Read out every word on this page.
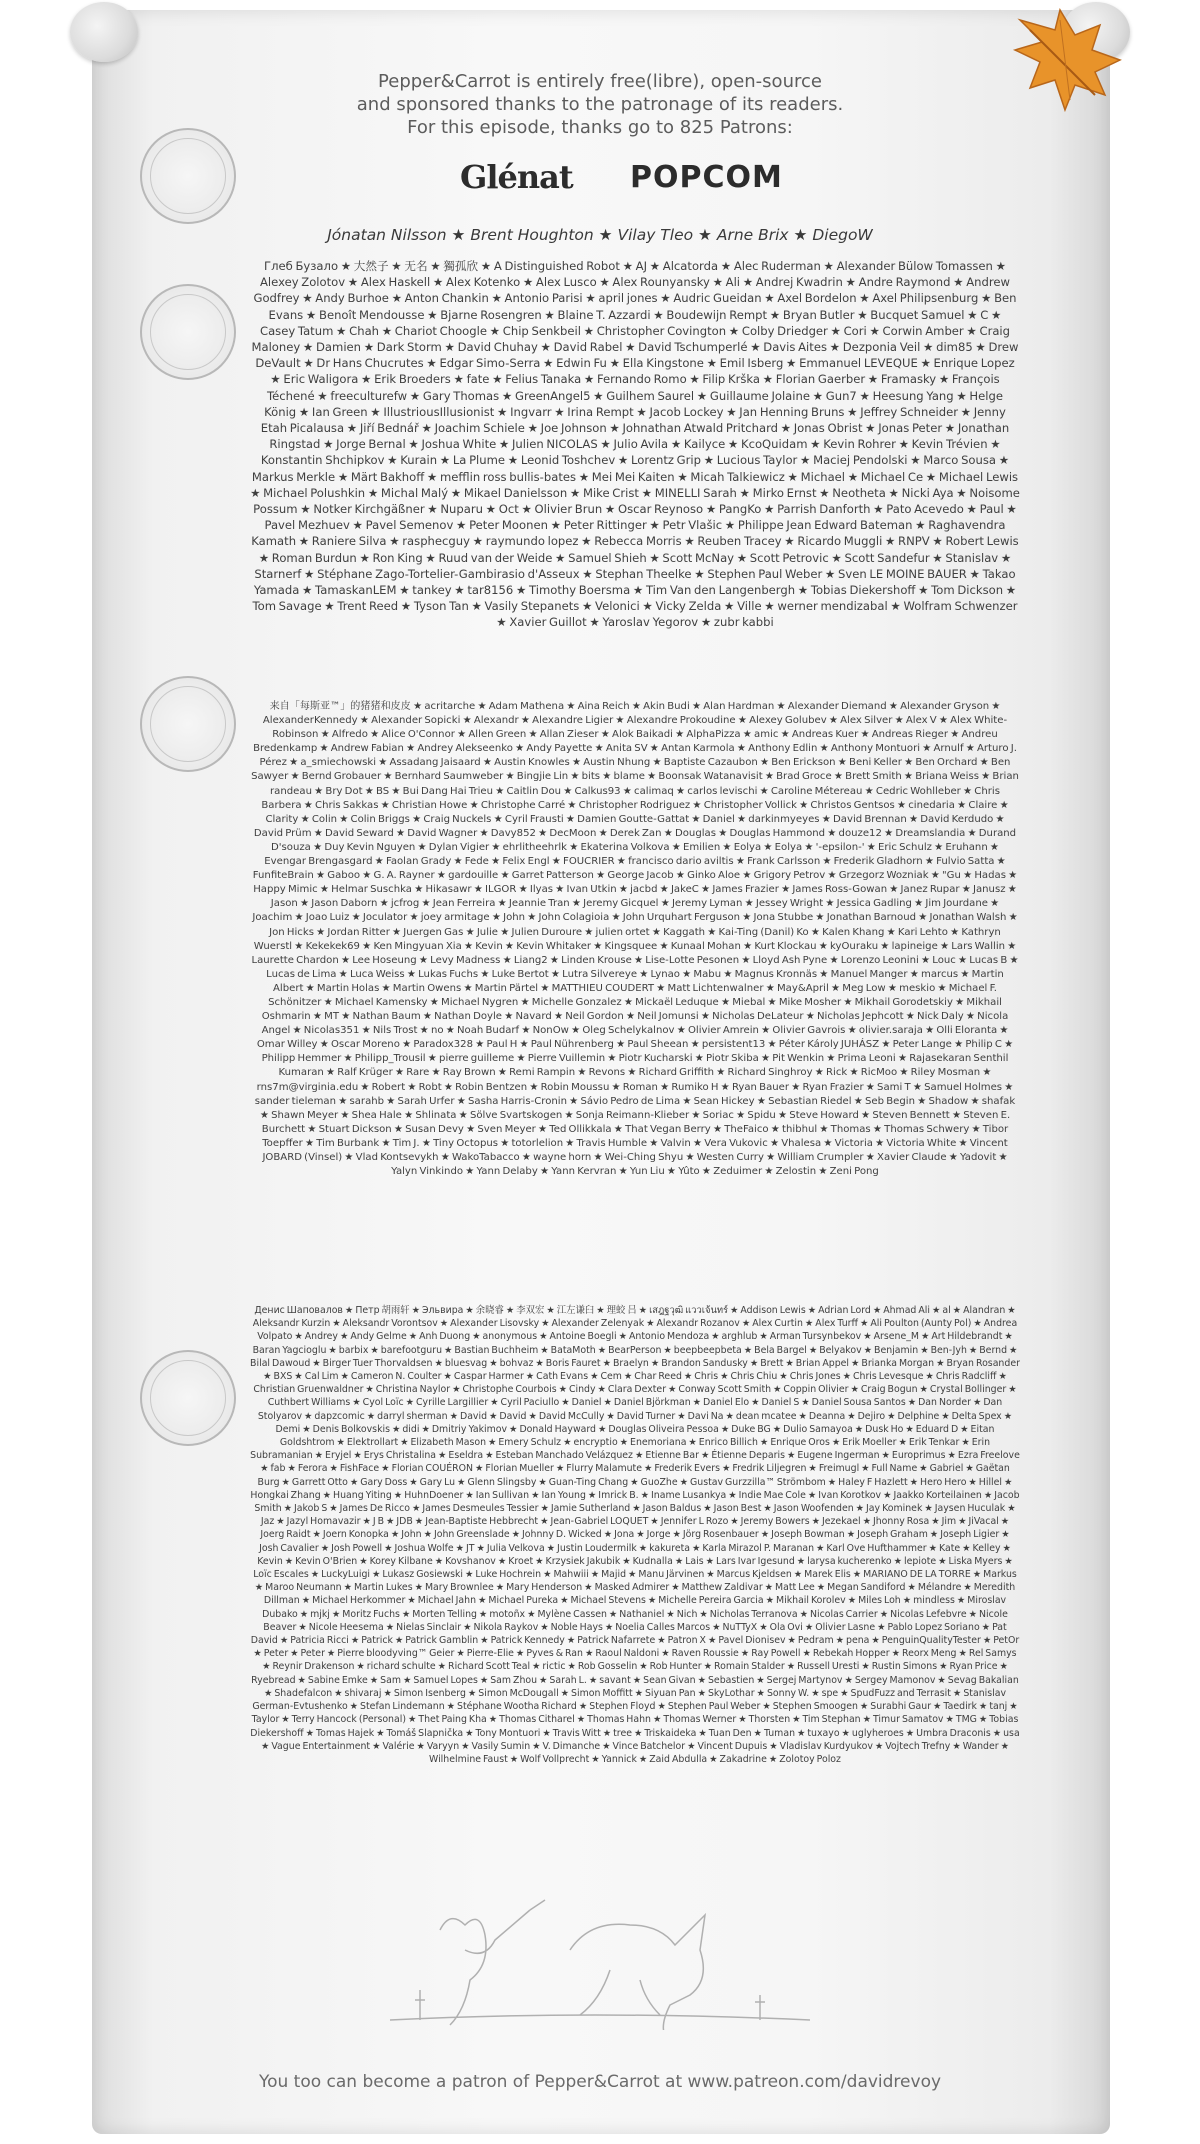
Pepper&Carrot is entirely free(libre), open-source
and sponsored thanks to the patronage of its readers.
For this episode, thanks go to 825 Patrons:
Glénat POPCOM
Jónatan Nilsson ★ Brent Houghton ★ Vilay Tleo ★ Arne Brix ★ DiegoW
Глеб Бузало ★ 大然子 ★ 无名 ★ 獨孤欣 ★ A Distinguished Robot ★ AJ ★ Alcatorda ★ Alec Ruderman ★ Alexander Bülow Tomassen ★ Alexey Zolotov ★ Alex Haskell ★ Alex Kotenko ★ Alex Lusco ★ Alex Rounyansky ★ Ali ★ Andrej Kwadrin ★ Andre Raymond ★ Andrew Godfrey ★ Andy Burhoe ★ Anton Chankin ★ Antonio Parisi ★ april jones ★ Audric Gueidan ★ Axel Bordelon ★ Axel Philipsenburg ★ Ben Evans ★ Benoît Mendousse ★ Bjarne Rosengren ★ Blaine T. Azzardi ★ Boudewijn Rempt ★ Bryan Butler ★ Bucquet Samuel ★ C ★ Casey Tatum ★ Chah ★ Chariot Choogle ★ Chip Senkbeil ★ Christopher Covington ★ Colby Driedger ★ Cori ★ Corwin Amber ★ Craig Maloney ★ Damien ★ Dark Storm ★ David Chuhay ★ David Rabel ★ David Tschumperlé ★ Davis Aites ★ Dezponia Veil ★ dim85 ★ Drew DeVault ★ Dr Hans Chucrutes ★ Edgar Simo-Serra ★ Edwin Fu ★ Ella Kingstone ★ Emil Isberg ★ Emmanuel LEVEQUE ★ Enrique Lopez ★ Eric Waligora ★ Erik Broeders ★ fate ★ Felius Tanaka ★ Fernando Romo ★ Filip Krška ★ Florian Gaerber ★ Framasky ★ François Téchené ★ freeculturefw ★ Gary Thomas ★ GreenAngel5 ★ Guilhem Saurel ★ Guillaume Jolaine ★ Gun7 ★ Heesung Yang ★ Helge König ★ Ian Green ★ IllustriousIllusionist ★ Ingvarr ★ Irina Rempt ★ Jacob Lockey ★ Jan Henning Bruns ★ Jeffrey Schneider ★ Jenny Etah Picalausa ★ Jiří Bednář ★ Joachim Schiele ★ Joe Johnson ★ Johnathan Atwald Pritchard ★ Jonas Obrist ★ Jonas Peter ★ Jonathan Ringstad ★ Jorge Bernal ★ Joshua White ★ Julien NICOLAS ★ Julio Avila ★ Kailyce ★ KcoQuidam ★ Kevin Rohrer ★ Kevin Trévien ★ Konstantin Shchipkov ★ Kurain ★ La Plume ★ Leonid Toshchev ★ Lorentz Grip ★ Lucious Taylor ★ Maciej Pendolski ★ Marco Sousa ★ Markus Merkle ★ Märt Bakhoff ★ mefflin ross bullis-bates ★ Mei Mei Kaiten ★ Micah Talkiewicz ★ Michael ★ Michael Ce ★ Michael Lewis ★ Michael Polushkin ★ Michal Malý ★ Mikael Danielsson ★ Mike Crist ★ MINELLI Sarah ★ Mirko Ernst ★ Neotheta ★ Nicki Aya ★ Noisome Possum ★ Notker Kirchgäßner ★ Nuparu ★ Oct ★ Olivier Brun ★ Oscar Reynoso ★ PangKo ★ Parrish Danforth ★ Pato Acevedo ★ Paul ★ Pavel Mezhuev ★ Pavel Semenov ★ Peter Moonen ★ Peter Rittinger ★ Petr Vlašic ★ Philippe Jean Edward Bateman ★ Raghavendra Kamath ★ Raniere Silva ★ rasphecguy ★ raymundo lopez ★ Rebecca Morris ★ Reuben Tracey ★ Ricardo Muggli ★ RNPV ★ Robert Lewis ★ Roman Burdun ★ Ron King ★ Ruud van der Weide ★ Samuel Shieh ★ Scott McNay ★ Scott Petrovic ★ Scott Sandefur ★ Stanislav ★ Starnerf ★ Stéphane Zago-Tortelier-Gambirasio d'Asseux ★ Stephan Theelke ★ Stephen Paul Weber ★ Sven LE MOINE BAUER ★ Takao Yamada ★ TamaskanLEM ★ tankey ★ tar8156 ★ Timothy Boersma ★ Tim Van den Langenbergh ★ Tobias Diekershoff ★ Tom Dickson ★ Tom Savage ★ Trent Reed ★ Tyson Tan ★ Vasily Stepanets ★ Velonici ★ Vicky Zelda ★ Ville ★ werner mendizabal ★ Wolfram Schwenzer ★ Xavier Guillot ★ Yaroslav Yegorov ★ zubr kabbi
来自「每斯亚™」的猪猪和皮皮 ★ acritarche ★ Adam Mathena ★ Aina Reich ★ Akin Budi ★ Alan Hardman ★ Alexander Diemand ★ Alexander Gryson ★ AlexanderKennedy ★ Alexander Sopicki ★ Alexandr ★ Alexandre Ligier ★ Alexandre Prokoudine ★ Alexey Golubev ★ Alex Silver ★ Alex V ★ Alex White-Robinson ★ Alfredo ★ Alice O'Connor ★ Allen Green ★ Allan Zieser ★ Alok Baikadi ★ AlphaPizza ★ amic ★ Andreas Kuer ★ Andreas Rieger ★ Andreu Bredenkamp ★ Andrew Fabian ★ Andrey Alekseenko ★ Andy Payette ★ Anita SV ★ Antan Karmola ★ Anthony Edlin ★ Anthony Montuori ★ Arnulf ★ Arturo J. Pérez ★ a_smiechowski ★ Assadang Jaisaard ★ Austin Knowles ★ Austin Nhung ★ Baptiste Cazaubon ★ Ben Erickson ★ Beni Keller ★ Ben Orchard ★ Ben Sawyer ★ Bernd Grobauer ★ Bernhard Saumweber ★ Bingjie Lin ★ bits ★ blame ★ Boonsak Watanavisit ★ Brad Groce ★ Brett Smith ★ Briana Weiss ★ Brian randeau ★ Bry Dot ★ BS ★ Bui Dang Hai Trieu ★ Caitlin Dou ★ Calkus93 ★ calimaq ★ carlos levischi ★ Caroline Métereau ★ Cedric Wohlleber ★ Chris Barbera ★ Chris Sakkas ★ Christian Howe ★ Christophe Carré ★ Christopher Rodriguez ★ Christopher Vollick ★ Christos Gentsos ★ cinedaria ★ Claire ★ Clarity ★ Colin ★ Colin Briggs ★ Craig Nuckels ★ Cyril Frausti ★ Damien Goutte-Gattat ★ Daniel ★ darkinmyeyes ★ David Brennan ★ David Kerdudo ★ David Prüm ★ David Seward ★ David Wagner ★ Davy852 ★ DecMoon ★ Derek Zan ★ Douglas ★ Douglas Hammond ★ douze12 ★ Dreamslandia ★ Durand D'souza ★ Duy Kevin Nguyen ★ Dylan Vigier ★ ehrlitheehrlk ★ Ekaterina Volkova ★ Emilien ★ Eolya ★ Eolya ★ '-epsilon-' ★ Eric Schulz ★ Eruhann ★ Evengar Brengasgard ★ Faolan Grady ★ Fede ★ Felix Engl ★ FOUCRIER ★ francisco dario aviltis ★ Frank Carlsson ★ Frederik Gladhorn ★ Fulvio Satta ★ FunfiteBrain ★ Gaboo ★ G. A. Rayner ★ gardouille ★ Garret Patterson ★ George Jacob ★ Ginko Aloe ★ Grigory Petrov ★ Grzegorz Wozniak ★ "Gu ★ Hadas ★ Happy Mimic ★ Helmar Suschka ★ Hikasawr ★ ILGOR ★ Ilyas ★ Ivan Utkin ★ jacbd ★ JakeC ★ James Frazier ★ James Ross-Gowan ★ Janez Rupar ★ Janusz ★ Jason ★ Jason Daborn ★ jcfrog ★ Jean Ferreira ★ Jeannie Tran ★ Jeremy Gicquel ★ Jeremy Lyman ★ Jessey Wright ★ Jessica Gadling ★ Jim Jourdane ★ Joachim ★ Joao Luiz ★ Joculator ★ joey armitage ★ John ★ John Colagioia ★ John Urquhart Ferguson ★ Jona Stubbe ★ Jonathan Barnoud ★ Jonathan Walsh ★ Jon Hicks ★ Jordan Ritter ★ Juergen Gas ★ Julie ★ Julien Duroure ★ julien ortet ★ Kaggath ★ Kai-Ting (Danil) Ko ★ Kalen Khang ★ Kari Lehto ★ Kathryn Wuerstl ★ Kekekek69 ★ Ken Mingyuan Xia ★ Kevin ★ Kevin Whitaker ★ Kingsquee ★ Kunaal Mohan ★ Kurt Klockau ★ kyOuraku ★ lapineige ★ Lars Wallin ★ Laurette Chardon ★ Lee Hoseung ★ Levy Madness ★ Liang2 ★ Linden Krouse ★ Lise-Lotte Pesonen ★ Lloyd Ash Pyne ★ Lorenzo Leonini ★ Louc ★ Lucas B ★ Lucas de Lima ★ Luca Weiss ★ Lukas Fuchs ★ Luke Bertot ★ Lutra Silvereye ★ Lynao ★ Mabu ★ Magnus Kronnäs ★ Manuel Manger ★ marcus ★ Martin Albert ★ Martin Holas ★ Martin Owens ★ Martin Pärtel ★ MATTHIEU COUDERT ★ Matt Lichtenwalner ★ May&April ★ Meg Low ★ meskio ★ Michael F. Schönitzer ★ Michael Kamensky ★ Michael Nygren ★ Michelle Gonzalez ★ Mickaël Leduque ★ Miebal ★ Mike Mosher ★ Mikhail Gorodetskiy ★ Mikhail Oshmarin ★ MT ★ Nathan Baum ★ Nathan Doyle ★ Navard ★ Neil Gordon ★ Neil Jomunsi ★ Nicholas DeLateur ★ Nicholas Jephcott ★ Nick Daly ★ Nicola Angel ★ Nicolas351 ★ Nils Trost ★ no ★ Noah Budarf ★ NonOw ★ Oleg Schelykalnov ★ Olivier Amrein ★ Olivier Gavrois ★ olivier.saraja ★ Olli Eloranta ★ Omar Willey ★ Oscar Moreno ★ Paradox328 ★ Paul H ★ Paul Nührenberg ★ Paul Sheean ★ persistent13 ★ Péter Károly JUHÁSZ ★ Peter Lange ★ Philip C ★ Philipp Hemmer ★ Philipp_Trousil ★ pierre guilleme ★ Pierre Vuillemin ★ Piotr Kucharski ★ Piotr Skiba ★ Pit Wenkin ★ Prima Leoni ★ Rajasekaran Senthil Kumaran ★ Ralf Krüger ★ Rare ★ Ray Brown ★ Remi Rampin ★ Revons ★ Richard Griffith ★ Richard Singhroy ★ Rick ★ RicMoo ★ Riley Mosman ★ rns7m@virginia.edu ★ Robert ★ Robt ★ Robin Bentzen ★ Robin Moussu ★ Roman ★ Rumiko H ★ Ryan Bauer ★ Ryan Frazier ★ Sami T ★ Samuel Holmes ★ sander tieleman ★ sarahb ★ Sarah Urfer ★ Sasha Harris-Cronin ★ Sávio Pedro de Lima ★ Sean Hickey ★ Sebastian Riedel ★ Seb Begin ★ Shadow ★ shafak ★ Shawn Meyer ★ Shea Hale ★ Shlinata ★ Sölve Svartskogen ★ Sonja Reimann-Klieber ★ Soriac ★ Spidu ★ Steve Howard ★ Steven Bennett ★ Steven E. Burchett ★ Stuart Dickson ★ Susan Devy ★ Sven Meyer ★ Ted Ollikkala ★ That Vegan Berry ★ TheFaico ★ thibhul ★ Thomas ★ Thomas Schwery ★ Tibor Toepffer ★ Tim Burbank ★ Tim J. ★ Tiny Octopus ★ totorlelion ★ Travis Humble ★ Valvin ★ Vera Vukovic ★ Vhalesa ★ Victoria ★ Victoria White ★ Vincent JOBARD (Vinsel) ★ Vlad Kontsevykh ★ WakoTabacco ★ wayne horn ★ Wei-Ching Shyu ★ Westen Curry ★ William Crumpler ★ Xavier Claude ★ Yadovit ★ Yalyn Vinkindo ★ Yann Delaby ★ Yann Kervran ★ Yun Liu ★ Yûto ★ Zeduimer ★ Zelostin ★ Zeni Pong
Денис Шаповалов ★ Петр 胡雨轩 ★ Эльвира ★ 余晓睿 ★ 李双宏 ★ 江左谦臼 ★ 理蛟 吕 ★ เสฎฐวุฒิ แววเจ้นทร์ ★ Addison Lewis ★ Adrian Lord ★ Ahmad Ali ★ al ★ Alandran ★ Aleksandr Kurzin ★ Aleksandr Vorontsov ★ Alexander Lisovsky ★ Alexander Zelenyak ★ Alexandr Rozanov ★ Alex Curtin ★ Alex Turff ★ Ali Poulton (Aunty Pol) ★ Andrea Volpato ★ Andrey ★ Andy Gelme ★ Anh Duong ★ anonymous ★ Antoine Boegli ★ Antonio Mendoza ★ arghlub ★ Arman Tursynbekov ★ Arsene_M ★ Art Hildebrandt ★ Baran Yagcioglu ★ barbix ★ barefootguru ★ Bastian Buchheim ★ BataMoth ★ BearPerson ★ beepbeepbeta ★ Bela Bargel ★ Belyakov ★ Benjamin ★ Ben-Jyh ★ Bernd ★ Bilal Dawoud ★ Birger Tuer Thorvaldsen ★ bluesvag ★ bohvaz ★ Boris Fauret ★ Braelyn ★ Brandon Sandusky ★ Brett ★ Brian Appel ★ Brianka Morgan ★ Bryan Rosander ★ BXS ★ Cal Lim ★ Cameron N. Coulter ★ Caspar Harmer ★ Cath Evans ★ Cem ★ Char Reed ★ Chris ★ Chris Chiu ★ Chris Jones ★ Chris Levesque ★ Chris Radcliff ★ Christian Gruenwaldner ★ Christina Naylor ★ Christophe Courbois ★ Cindy ★ Clara Dexter ★ Conway Scott Smith ★ Coppin Olivier ★ Craig Bogun ★ Crystal Bollinger ★ Cuthbert Williams ★ Cyol Loïc ★ Cyrille Largillier ★ Cyril Paciullo ★ Daniel ★ Daniel Björkman ★ Daniel Elo ★ Daniel S ★ Daniel Sousa Santos ★ Dan Norder ★ Dan Stolyarov ★ dapzcomic ★ darryl sherman ★ David ★ David ★ David McCully ★ David Turner ★ Davi Na ★ dean mcatee ★ Deanna ★ Dejiro ★ Delphine ★ Delta Spex ★ Demi ★ Denis Bolkovskis ★ didi ★ Dmitriy Yakimov ★ Donald Hayward ★ Douglas Oliveira Pessoa ★ Duke BG ★ Dulio Samayoa ★ Dusk Ho ★ Eduard D ★ Eitan Goldshtrom ★ Elektrollart ★ Elizabeth Mason ★ Emery Schulz ★ encryptio ★ Enemoriana ★ Enrico Billich ★ Enrique Oros ★ Erik Moeller ★ Erik Tenkar ★ Erin Subramanian ★ Eryjel ★ Erys Christalina ★ Eseldra ★ Esteban Manchado Velázquez ★ Etienne Bar ★ Étienne Deparis ★ Eugene Ingerman ★ Europrimus ★ Ezra Freelove ★ fab ★ Ferora ★ FishFace ★ Florian COUÉRON ★ Florian Mueller ★ Flurry Malamute ★ Frederik Evers ★ Fredrik Liljegren ★ Freimugl ★ Full Name ★ Gabriel ★ Gaëtan Burg ★ Garrett Otto ★ Gary Doss ★ Gary Lu ★ Glenn Slingsby ★ Guan-Ting Chang ★ GuoZhe ★ Gustav Gurzzilla™ Strömbom ★ Haley F Hazlett ★ Hero Hero ★ Hillel ★ Hongkai Zhang ★ Huang Yiting ★ HuhnDoener ★ Ian Sullivan ★ Ian Young ★ Imrick B. ★ Iname Lusankya ★ Indie Mae Cole ★ Ivan Korotkov ★ Jaakko Korteilainen ★ Jacob Smith ★ Jakob S ★ James De Ricco ★ James Desmeules Tessier ★ Jamie Sutherland ★ Jason Baldus ★ Jason Best ★ Jason Woofenden ★ Jay Kominek ★ Jaysen Huculak ★ Jaz ★ Jazyl Homavazir ★ J B ★ JDB ★ Jean-Baptiste Hebbrecht ★ Jean-Gabriel LOQUET ★ Jennifer L Rozo ★ Jeremy Bowers ★ Jezekael ★ Jhonny Rosa ★ Jim ★ JiVacal ★ Joerg Raidt ★ Joern Konopka ★ John ★ John Greenslade ★ Johnny D. Wicked ★ Jona ★ Jorge ★ Jörg Rosenbauer ★ Joseph Bowman ★ Joseph Graham ★ Joseph Ligier ★ Josh Cavalier ★ Josh Powell ★ Joshua Wolfe ★ JT ★ Julia Velkova ★ Justin Loudermilk ★ kakureta ★ Karla Mirazol P. Maranan ★ Karl Ove Hufthammer ★ Kate ★ Kelley ★ Kevin ★ Kevin O'Brien ★ Korey Kilbane ★ Kovshanov ★ Kroet ★ Krzysiek Jakubik ★ Kudnalla ★ Lais ★ Lars Ivar Igesund ★ larysa kucherenko ★ lepiote ★ Liska Myers ★ Loïc Escales ★ LuckyLuigi ★ Lukasz Gosiewski ★ Luke Hochrein ★ Mahwiii ★ Majid ★ Manu Järvinen ★ Marcus Kjeldsen ★ Marek Elis ★ MARIANO DE LA TORRE ★ Markus ★ Maroo Neumann ★ Martin Lukes ★ Mary Brownlee ★ Mary Henderson ★ Masked Admirer ★ Matthew Zaldivar ★ Matt Lee ★ Megan Sandiford ★ Mélandre ★ Meredith Dillman ★ Michael Herkommer ★ Michael Jahn ★ Michael Pureka ★ Michael Stevens ★ Michelle Pereira Garcia ★ Mikhail Korolev ★ Miles Loh ★ mindless ★ Miroslav Dubako ★ mjkj ★ Moritz Fuchs ★ Morten Telling ★ motoñx ★ Mylène Cassen ★ Nathaniel ★ Nich ★ Nicholas Terranova ★ Nicolas Carrier ★ Nicolas Lefebvre ★ Nicole Beaver ★ Nicole Heesema ★ Nielas Sinclair ★ Nikola Raykov ★ Noble Hays ★ Noelia Calles Marcos ★ NuTTyX ★ Ola Ovi ★ Olivier Lasne ★ Pablo Lopez Soriano ★ Pat David ★ Patricia Ricci ★ Patrick ★ Patrick Gamblin ★ Patrick Kennedy ★ Patrick Nafarrete ★ Patron X ★ Pavel Dionisev ★ Pedram ★ pena ★ PenguinQualityTester ★ PetOr ★ Peter ★ Peter ★ Pierre bloodyving™ Geier ★ Pierre-Elie ★ Pyves & Ran ★ Raoul Naldoni ★ Raven Roussie ★ Ray Powell ★ Rebekah Hopper ★ Reorx Meng ★ Rel Samys ★ Reynir Drakenson ★ richard schulte ★ Richard Scott Teal ★ rictic ★ Rob Gosselin ★ Rob Hunter ★ Romain Stalder ★ Russell Uresti ★ Rustin Simons ★ Ryan Price ★ Ryebread ★ Sabine Emke ★ Sam ★ Samuel Lopes ★ Sam Zhou ★ Sarah L. ★ savant ★ Sean Givan ★ Sebastien ★ Sergej Martynov ★ Sergey Mamonov ★ Sevag Bakalian ★ Shadefalcon ★ shivaraj ★ Simon Isenberg ★ Simon McDougall ★ Simon Moffitt ★ Siyuan Pan ★ SkyLothar ★ Sonny W. ★ spe ★ SpudFuzz and Terrasit ★ Stanislav German-Evtushenko ★ Stefan Lindemann ★ Stéphane Wootha Richard ★ Stephen Floyd ★ Stephen Paul Weber ★ Stephen Smoogen ★ Surabhi Gaur ★ Taedirk ★ tanj ★ Taylor ★ Terry Hancock (Personal) ★ Thet Paing Kha ★ Thomas Citharel ★ Thomas Hahn ★ Thomas Werner ★ Thorsten ★ Tim Stephan ★ Timur Samatov ★ TMG ★ Tobias Diekershoff ★ Tomas Hajek ★ Tomáš Slapnička ★ Tony Montuori ★ Travis Witt ★ tree ★ Triskaideka ★ Tuan Den ★ Tuman ★ tuxayo ★ uglyheroes ★ Umbra Draconis ★ usa ★ Vague Entertainment ★ Valérie ★ Varyyn ★ Vasily Sumin ★ V. Dimanche ★ Vince Batchelor ★ Vincent Dupuis ★ Vladislav Kurdyukov ★ Vojtech Trefny ★ Wander ★ Wilhelmine Faust ★ Wolf Vollprecht ★ Yannick ★ Zaid Abdulla ★ Zakadrine ★ Zolotoy Poloz
You too can become a patron of Pepper&Carrot at www.patreon.com/davidrevoy
